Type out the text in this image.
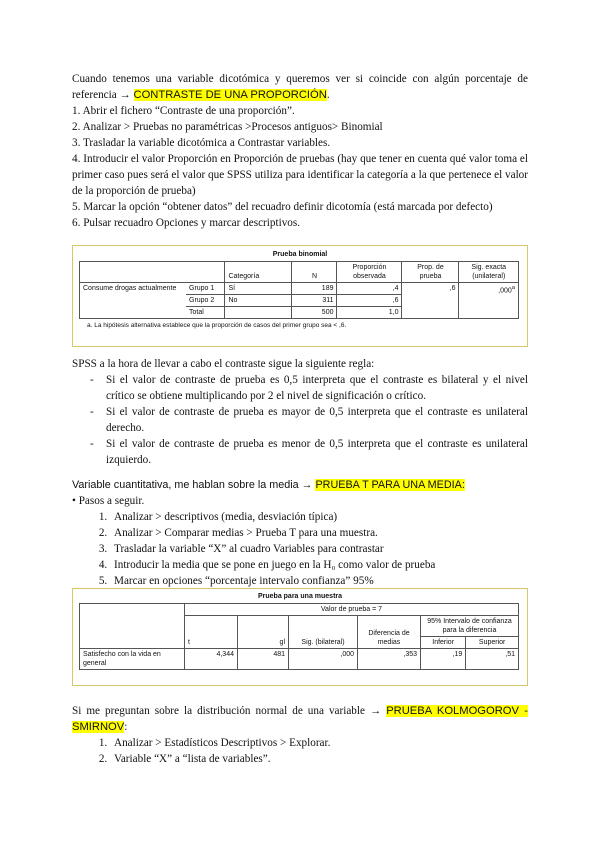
Cuando tenemos una variable dicotómica y queremos ver si coincide con algún porcentaje de referencia → CONTRASTE DE UNA PROPORCIÓN.

1. Abrir el fichero “Contraste de una proporción”.

2. Analizar > Pruebas no paramétricas >Procesos antiguos> Binomial

3. Trasladar la variable dicotómica a Contrastar variables.

4. Introducir el valor Proporción en Proporción de pruebas (hay que tener en cuenta qué valor toma el primer caso pues será el valor que SPSS utiliza para identificar la categoría a la que pertenece el valor de la proporción de prueba)

5. Marcar la opción “obtener datos” del recuadro definir dicotomía (está marcada por defecto)

6. Pulsar recuadro Opciones y marcar descriptivos.

Prueba binomial
		Categoría	N	Proporción observada	Prop. de prueba	Sig. exacta (unilateral)
Consume drogas actualmente	Grupo 1	Sí	189	,4	,6	,000$^a$
	Grupo 2	No	311	,6		
	Total		500	1,0		
a. La hipótesis alternativa establece que la proporción de casos del primer grupo sea < ,6.

SPSS a la hora de llevar a cabo el contraste sigue la siguiente regla:

- Si el valor de contraste de prueba es 0,5 interpreta que el contraste es bilateral y el nivel crítico se obtiene multiplicando por 2 el nivel de significación o crítico.
- Si el valor de contraste de prueba es mayor de 0,5 interpreta que el contraste es unilateral derecho.
- Si el valor de contraste de prueba es menor de 0,5 interpreta que el contraste es unilateral izquierdo.

Variable cuantitativa, me hablan sobre la media → PRUEBA T PARA UNA MEDIA:

• Pasos a seguir.

1. Analizar > descriptivos (media, desviación típica)
2. Analizar > Comparar medias > Prueba T para una muestra.
3. Trasladar la variable “X” al cuadro Variables para contrastar
4. Introducir la media que se pone en juego en la H₀ como valor de prueba
5. Marcar en opciones “porcentaje intervalo confianza” 95%
Prueba para una muestra
	Valor de prueba = 7					
	t	gl	Sig. (bilateral)	Diferencia de medias	95% Intervalo de confianza para la diferencia	
					Inferior	Superior
Satisfecho con la vida en general	4,344	481	,000	,353	,19	,51

Si me preguntan sobre la distribución normal de una variable → PRUEBA KOLMOGOROV - SMIRNOV:

1. Analizar > Estadísticos Descriptivos > Explorar.
2. Variable “X” a “lista de variables”.
